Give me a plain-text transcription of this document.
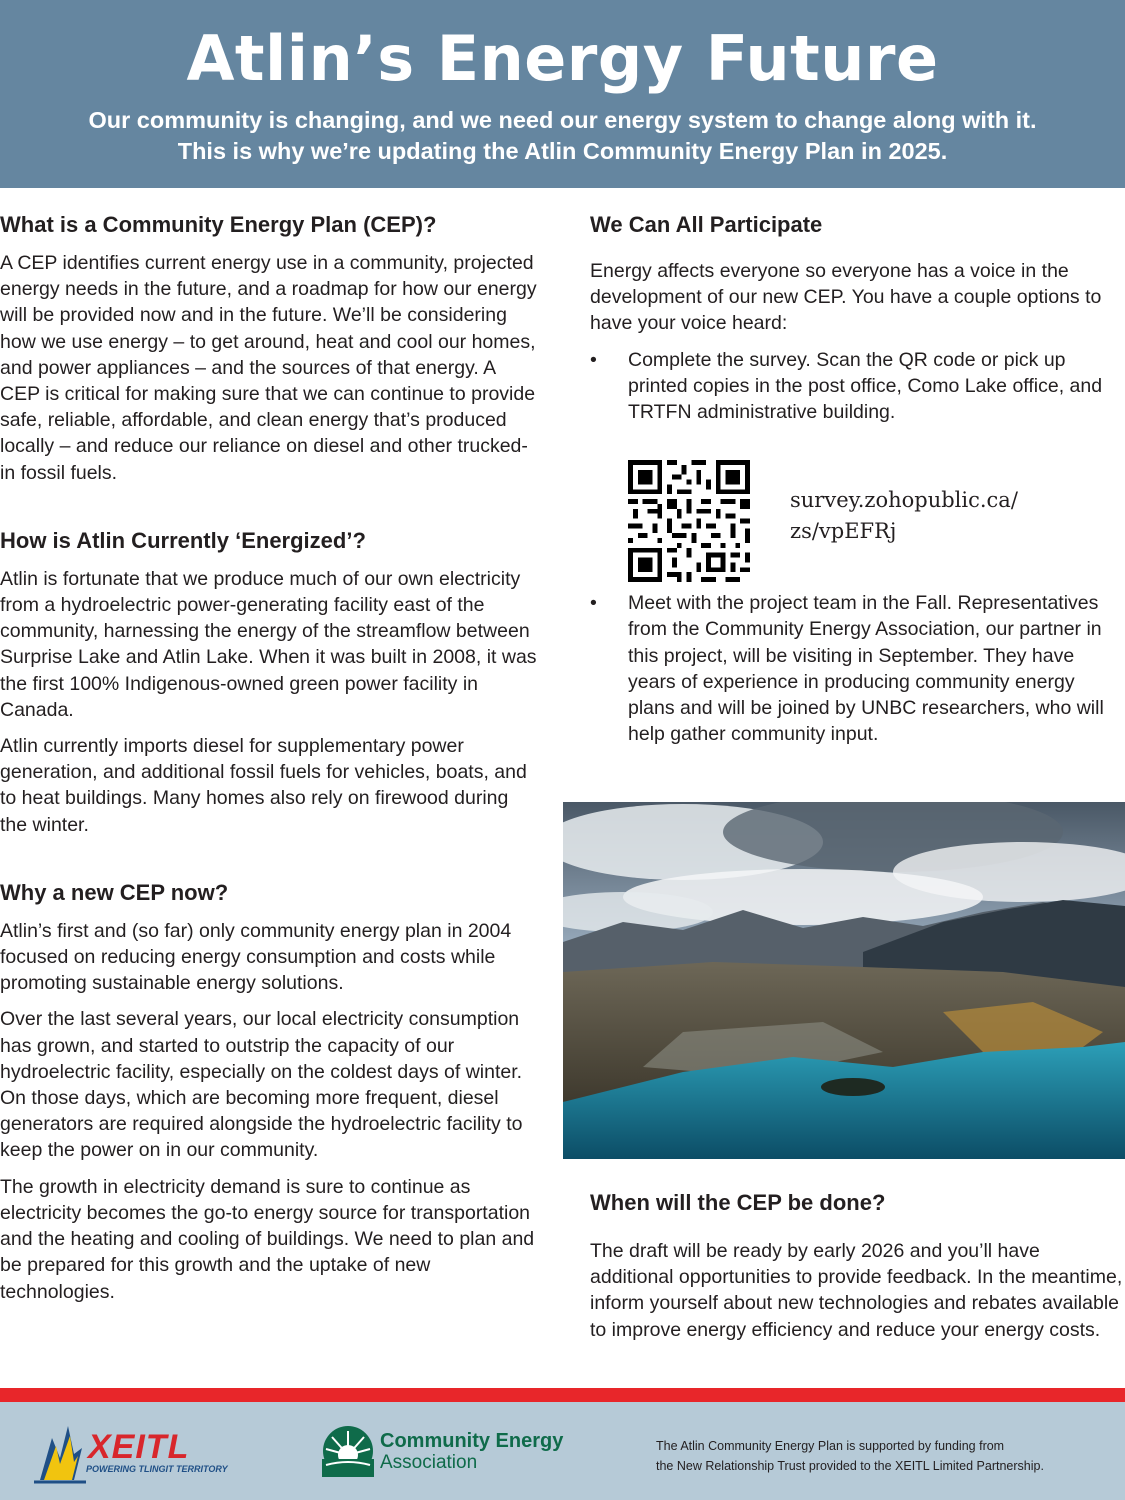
Atlin’s Energy Future
Our community is changing, and we need our energy system to change along with it.
This is why we’re updating the Atlin Community Energy Plan in 2025.
What is a Community Energy Plan (CEP)?

A CEP identifies current energy use in a community, projected energy needs in the future, and a roadmap for how our energy will be provided now and in the future. We’ll be considering how we use energy – to get around, heat and cool our homes, and power appliances – and the sources of that energy. A CEP is critical for making sure that we can continue to provide safe, reliable, affordable, and clean energy that’s produced locally – and reduce our reliance on diesel and other trucked-in fossil fuels.

How is Atlin Currently ‘Energized’?

Atlin is fortunate that we produce much of our own electricity from a hydroelectric power-generating facility east of the community, harnessing the energy of the streamflow between Surprise Lake and Atlin Lake. When it was built in 2008, it was the first 100% Indigenous-owned green power facility in Canada.

Atlin currently imports diesel for supplementary power generation, and additional fossil fuels for vehicles, boats, and to heat buildings. Many homes also rely on firewood during the winter.

Why a new CEP now?

Atlin’s first and (so far) only community energy plan in 2004 focused on reducing energy consumption and costs while promoting sustainable energy solutions.

Over the last several years, our local electricity consumption has grown, and started to outstrip the capacity of our hydroelectric facility, especially on the coldest days of winter. On those days, which are becoming more frequent, diesel generators are required alongside the hydroelectric facility to keep the power on in our community.

The growth in electricity demand is sure to continue as electricity becomes the go-to energy source for transportation and the heating and cooling of buildings. We need to plan and be prepared for this growth and the uptake of new technologies.

We Can All Participate

Energy affects everyone so everyone has a voice in the development of our new CEP. You have a couple options to have your voice heard:

• Complete the survey. Scan the QR code or pick up printed copies in the post office, Como Lake office, and TRTFN administrative building.
• Meet with the project team in the Fall. Representatives from the Community Energy Association, our partner in this project, will be visiting in September. They have years of experience in producing community energy plans and will be joined by UNBC researchers, who will help gather community input.
survey.zohopublic.ca/
zs/vpEFRj
When will the CEP be done?

The draft will be ready by early 2026 and you’ll have additional opportunities to provide feedback. In the meantime, inform yourself about new technologies and rebates available to improve energy efficiency and reduce your energy costs.

XEITL
POWERING TLINGIT TERRITORY
Community Energy
Association
The Atlin Community Energy Plan is supported by funding from
the New Relationship Trust provided to the XEITL Limited Partnership.
